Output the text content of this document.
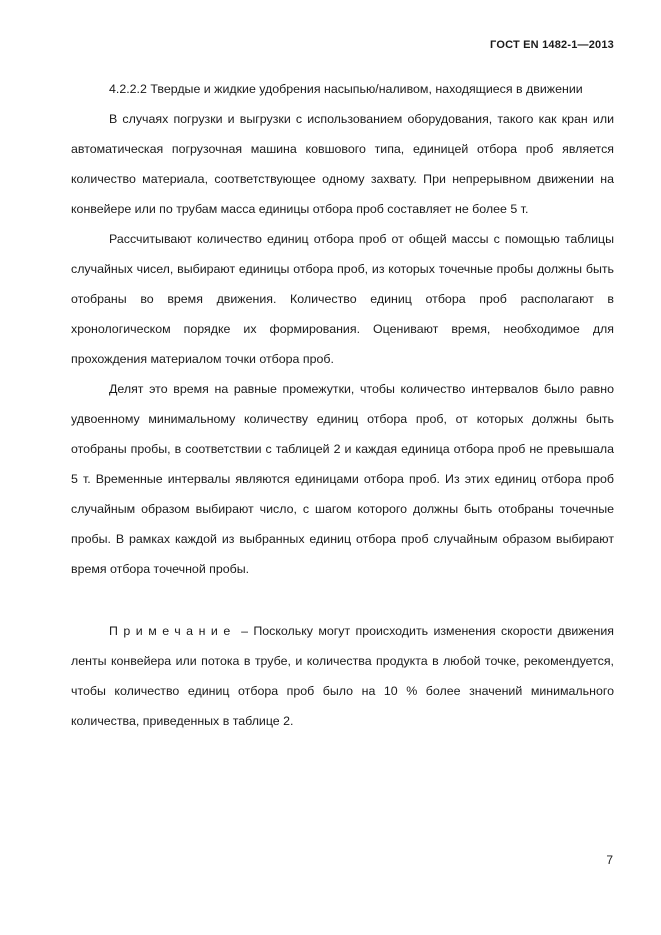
ГОСТ EN 1482-1—2013

4.2.2.2 Твердые и жидкие удобрения насыпью/наливом, находящиеся в движении

В случаях погрузки и выгрузки с использованием оборудования, такого как кран или автоматическая погрузочная машина ковшового типа, единицей отбора проб является количество материала, соответствующее одному захвату. При непрерывном движении на конвейере или по трубам масса единицы отбора проб составляет не более 5 т.

Рассчитывают количество единиц отбора проб от общей массы с помощью таблицы случайных чисел, выбирают единицы отбора проб, из которых точечные пробы должны быть отобраны во время движения. Количество единиц отбора проб располагают в хронологическом порядке их формирования. Оценивают время, необходимое для прохождения материалом точки отбора проб.

Делят это время на равные промежутки, чтобы количество интервалов было равно удвоенному минимальному количеству единиц отбора проб, от которых должны быть отобраны пробы, в соответствии с таблицей 2 и каждая единица отбора проб не превышала 5 т. Временные интервалы являются единицами отбора проб. Из этих единиц отбора проб случайным образом выбирают число, с шагом которого должны быть отобраны точечные пробы. В рамках каждой из выбранных единиц отбора проб случайным образом выбирают время отбора точечной пробы.

Примечание – Поскольку могут происходить изменения скорости движения ленты конвейера или потока в трубе, и количества продукта в любой точке, рекомендуется, чтобы количество единиц отбора проб было на 10 % более значений минимального количества, приведенных в таблице 2.

7
